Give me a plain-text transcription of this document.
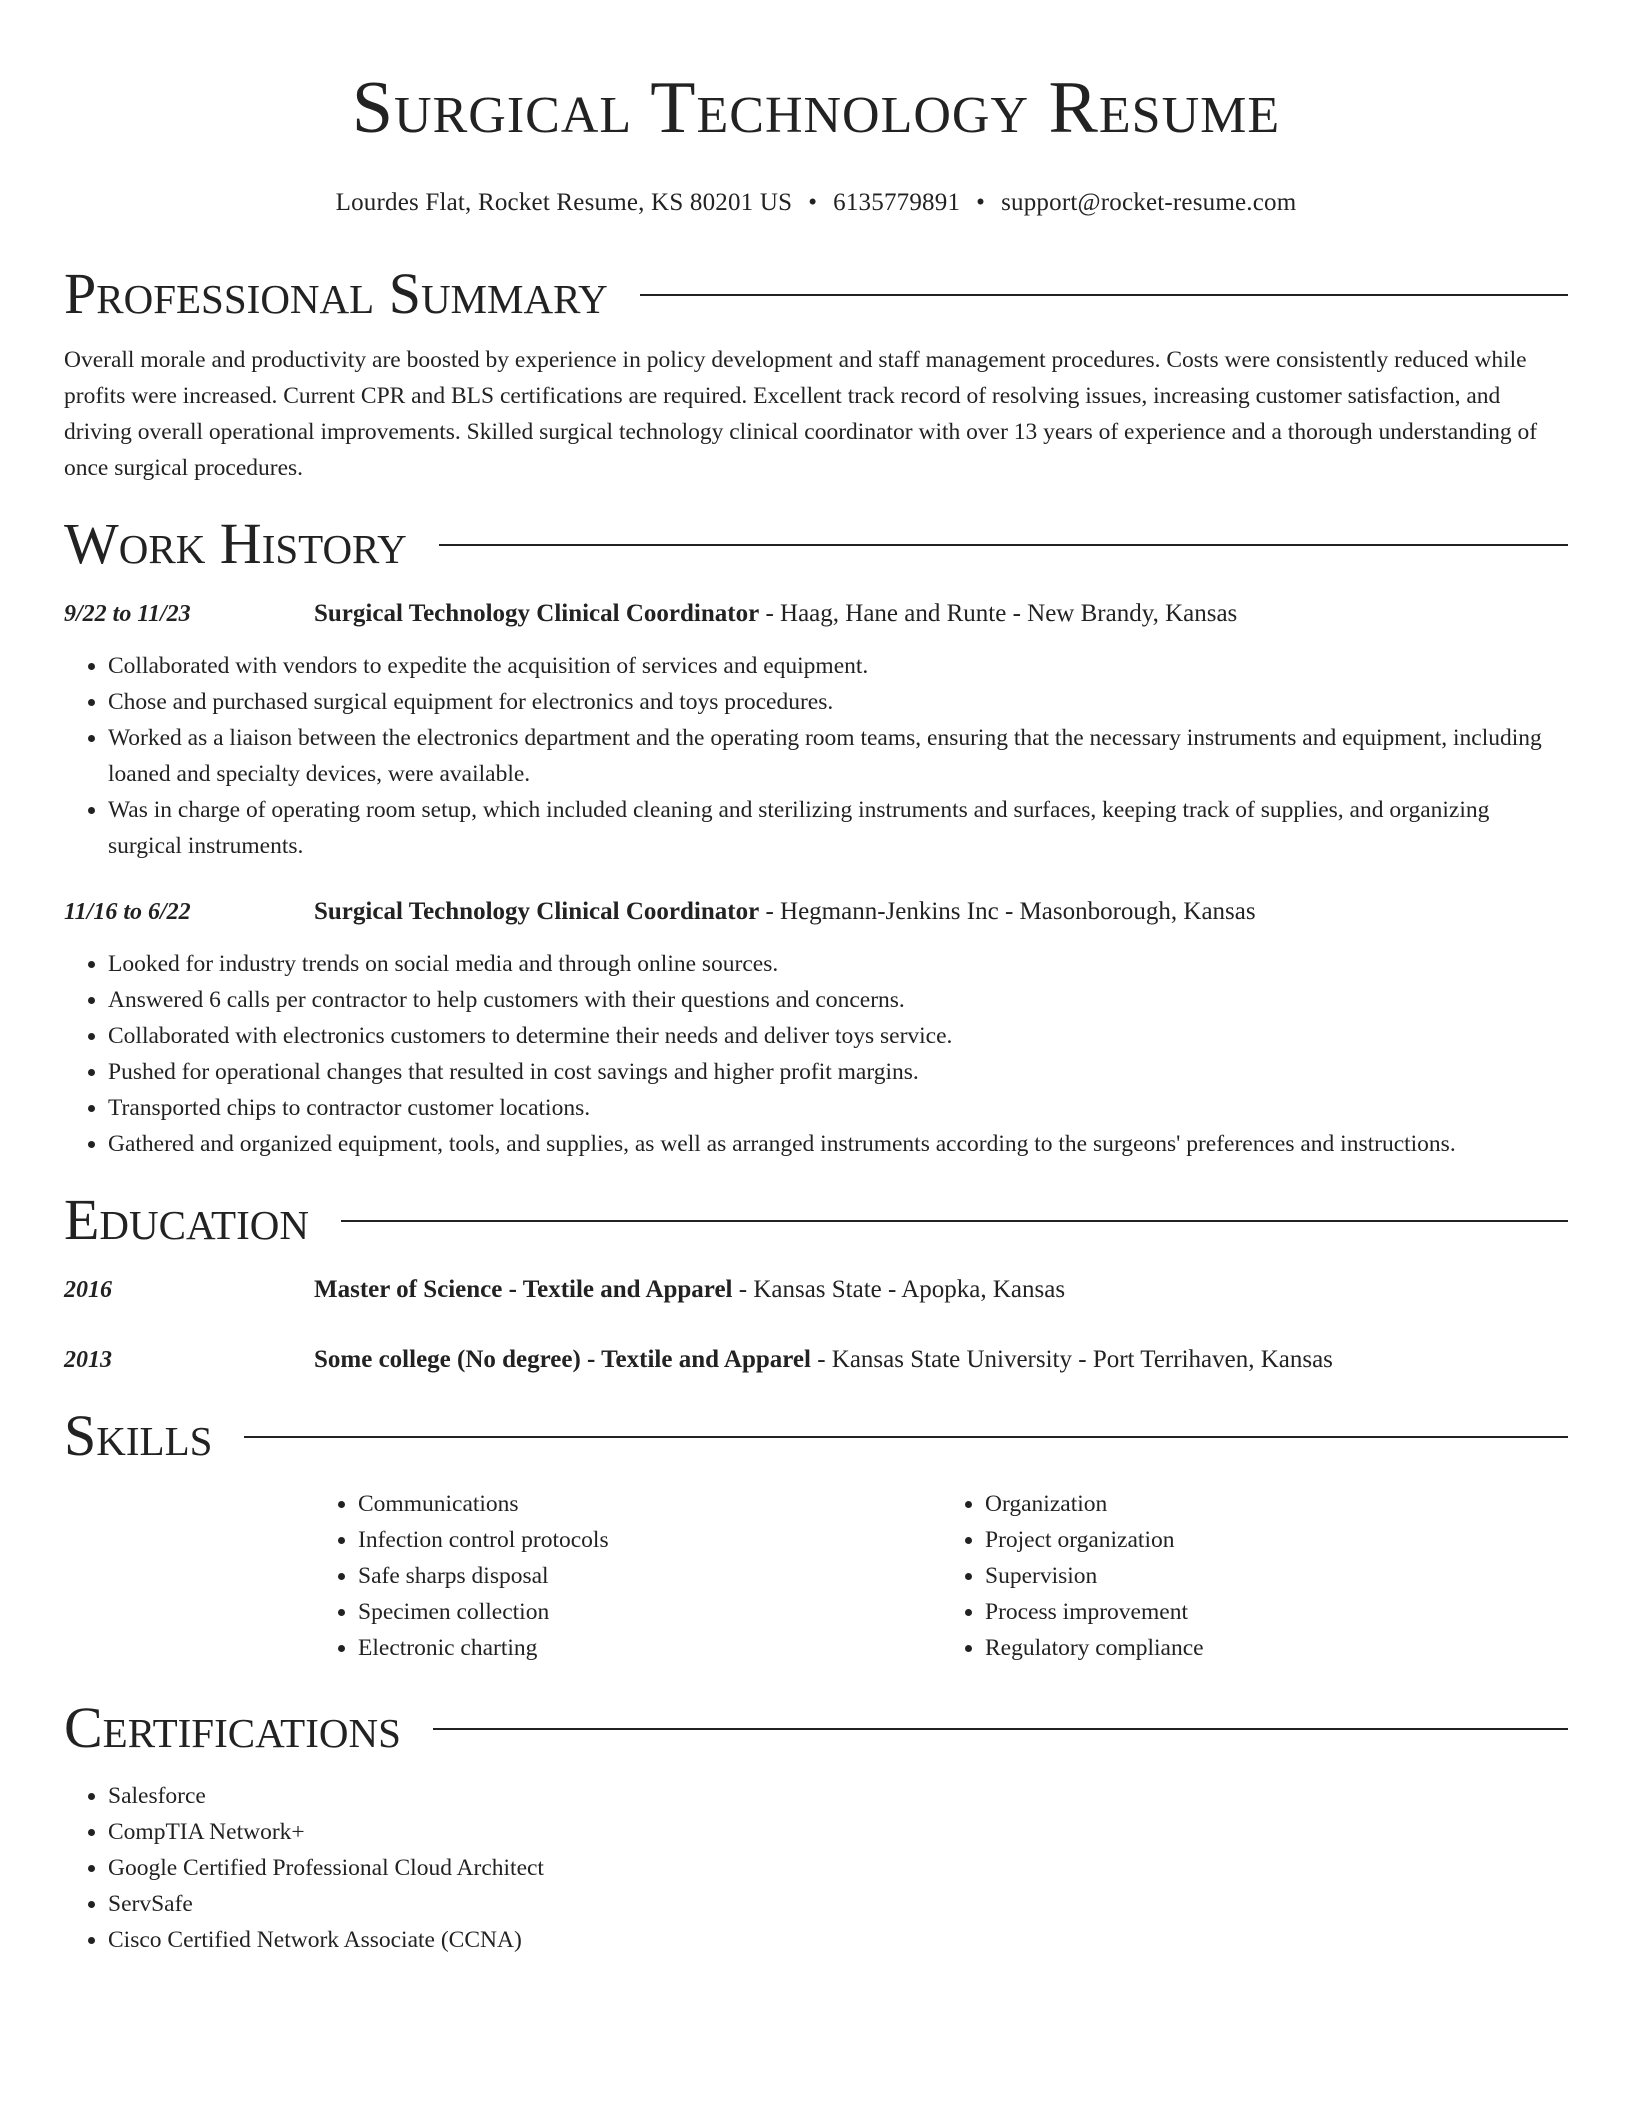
Surgical Technology Resume
Lourdes Flat, Rocket Resume, KS 80201 US • 6135779891 • support@rocket-resume.com
Professional Summary

Overall morale and productivity are boosted by experience in policy development and staff management procedures. Costs were consistently reduced while profits were increased. Current CPR and BLS certifications are required. Excellent track record of resolving issues, increasing customer satisfaction, and driving overall operational improvements. Skilled surgical technology clinical coordinator with over 13 years of experience and a thorough understanding of once surgical procedures.

Work History
9/22 to 11/23	Surgical Technology Clinical Coordinator - Haag, Hane and Runte - New Brandy, Kansas
• Collaborated with vendors to expedite the acquisition of services and equipment.
• Chose and purchased surgical equipment for electronics and toys procedures.
• Worked as a liaison between the electronics department and the operating room teams, ensuring that the necessary instruments and equipment, including loaned and specialty devices, were available.
• Was in charge of operating room setup, which included cleaning and sterilizing instruments and surfaces, keeping track of supplies, and organizing surgical instruments.
11/16 to 6/22	Surgical Technology Clinical Coordinator - Hegmann-Jenkins Inc - Masonborough, Kansas
• Looked for industry trends on social media and through online sources.
• Answered 6 calls per contractor to help customers with their questions and concerns.
• Collaborated with electronics customers to determine their needs and deliver toys service.
• Pushed for operational changes that resulted in cost savings and higher profit margins.
• Transported chips to contractor customer locations.
• Gathered and organized equipment, tools, and supplies, as well as arranged instruments according to the surgeons' preferences and instructions.
Education
2016	Master of Science - Textile and Apparel - Kansas State - Apopka, Kansas
2013	Some college (No degree) - Textile and Apparel - Kansas State University - Port Terrihaven, Kansas
Skills
• Communications
• Infection control protocols
• Safe sharps disposal
• Specimen collection
• Electronic charting
• Organization
• Project organization
• Supervision
• Process improvement
• Regulatory compliance
Certifications
• Salesforce
• CompTIA Network+
• Google Certified Professional Cloud Architect
• ServSafe
• Cisco Certified Network Associate (CCNA)
